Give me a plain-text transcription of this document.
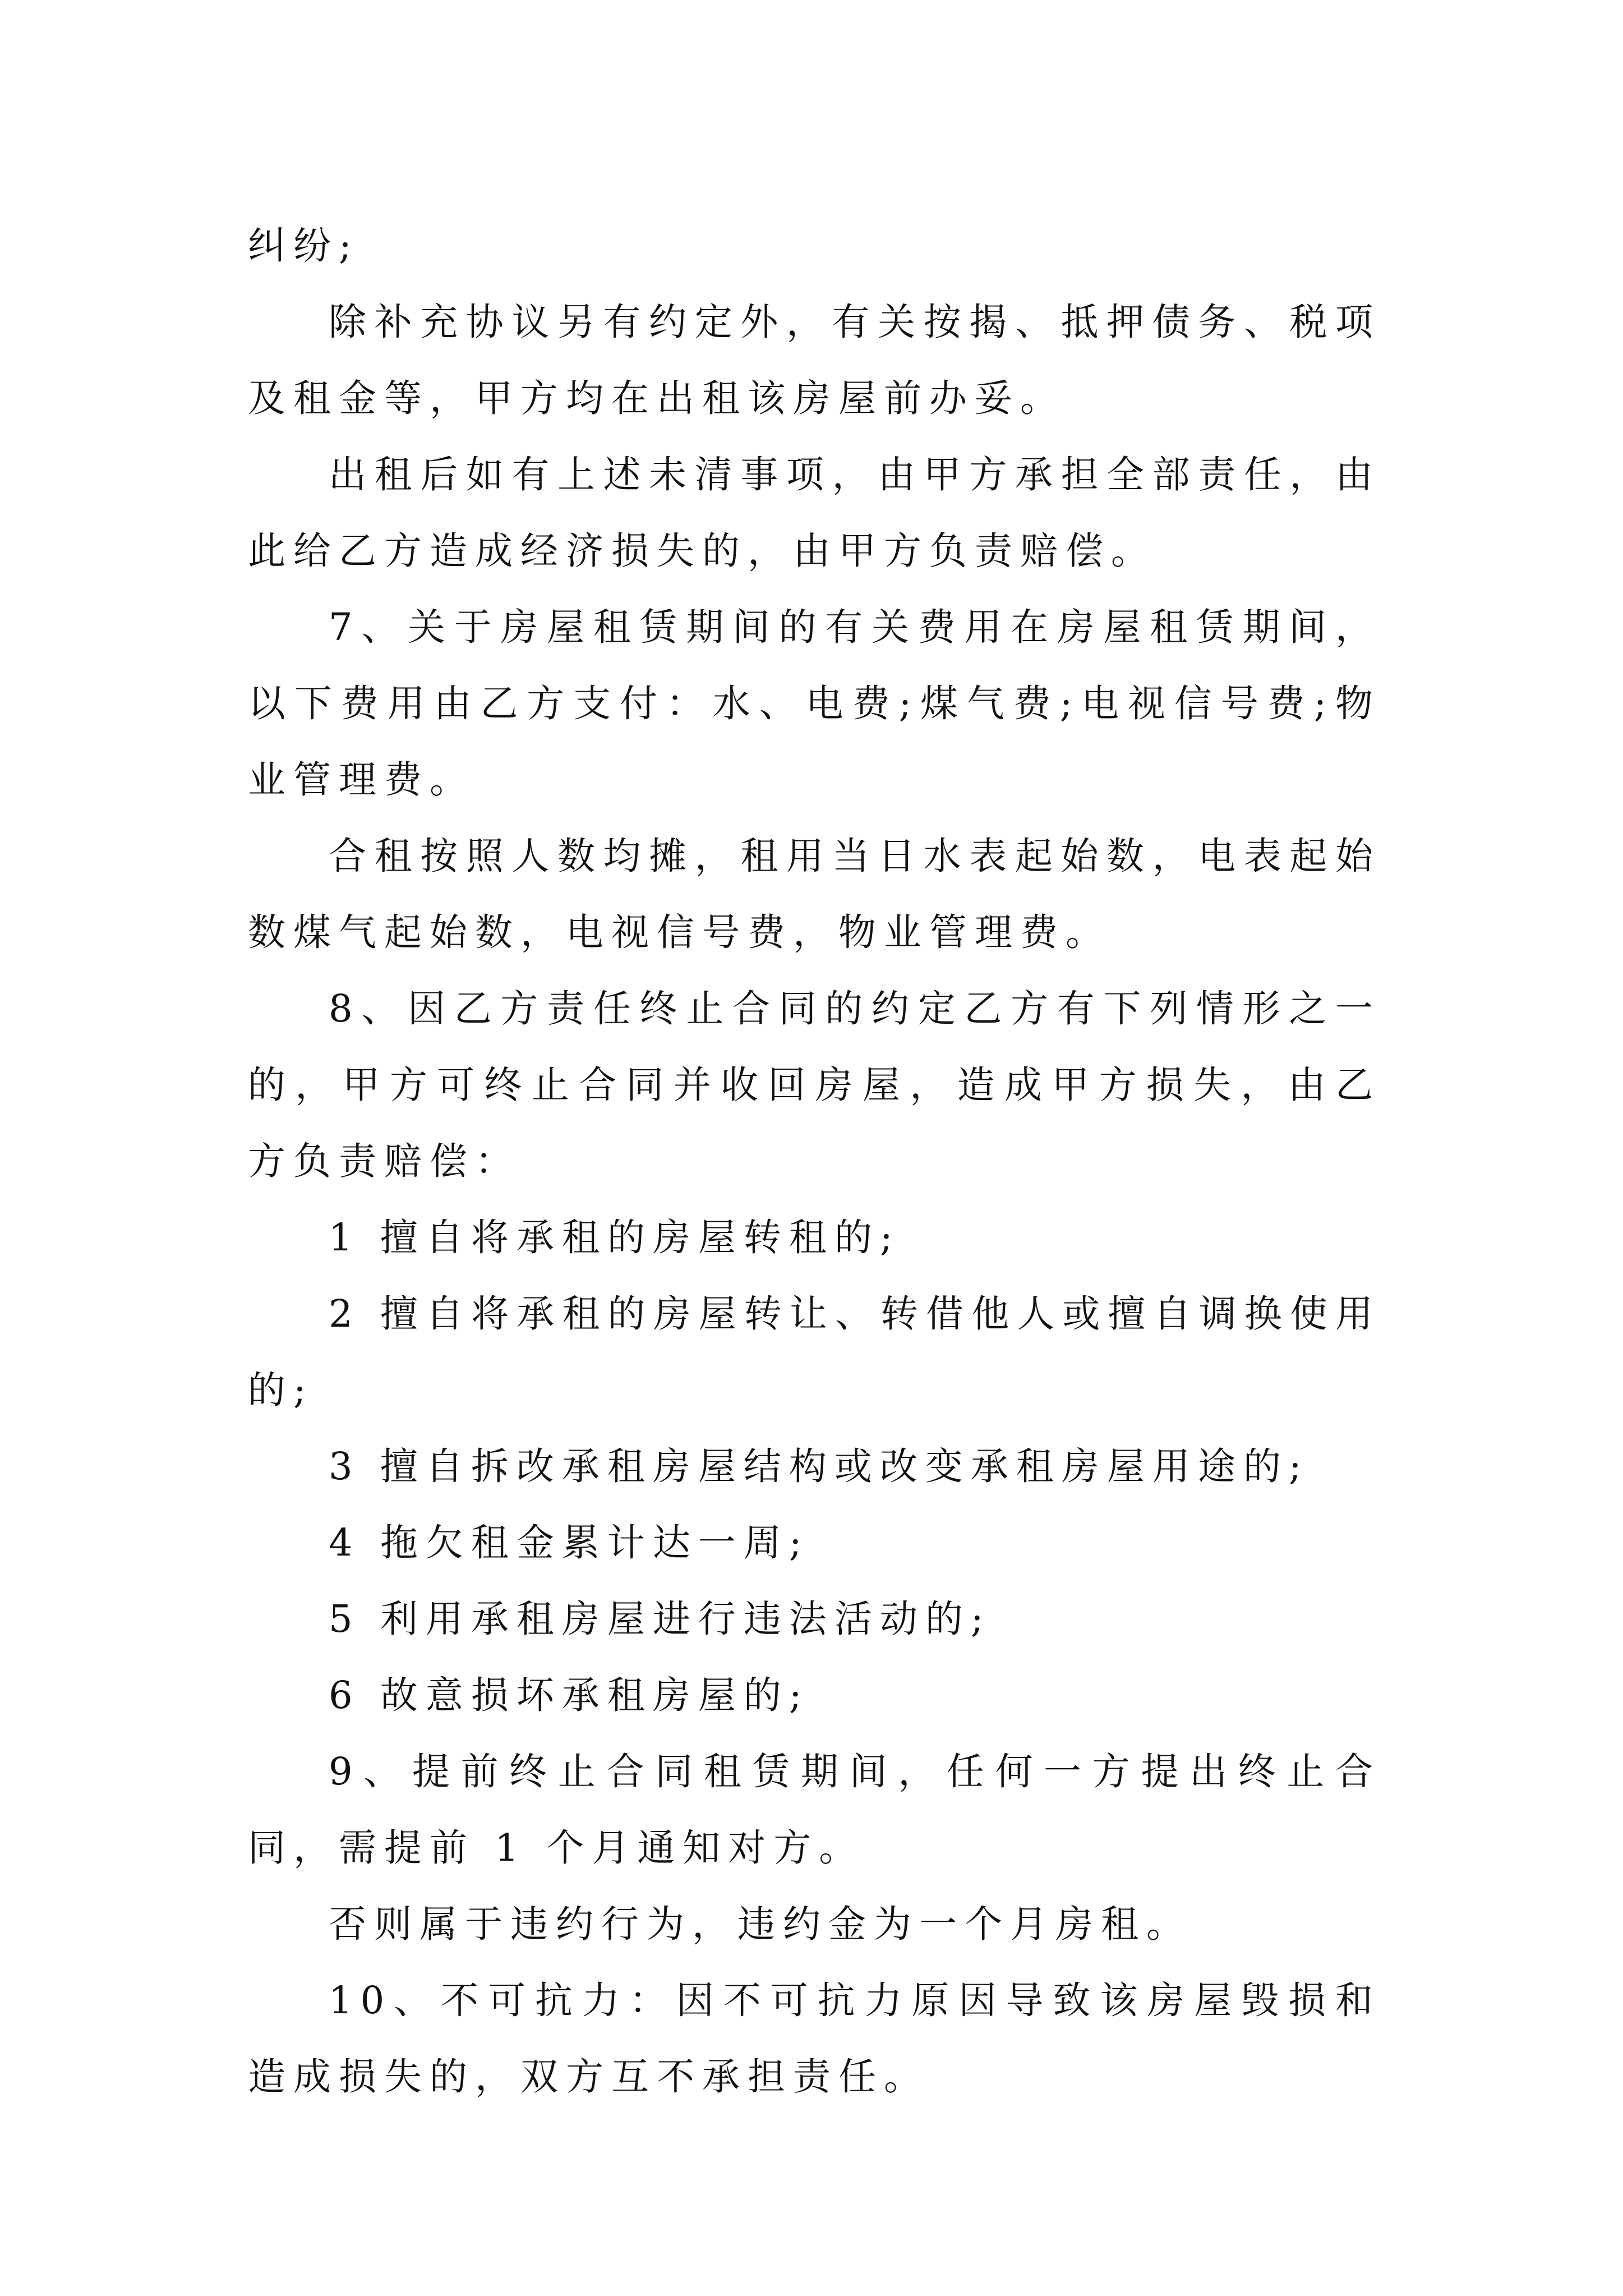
纠纷;

除补充协议另有约定外，有关按揭、抵押债务、税项及租金等，甲方均在出租该房屋前办妥。

出租后如有上述未清事项，由甲方承担全部责任，由此给乙方造成经济损失的，由甲方负责赔偿。

7、关于房屋租赁期间的有关费用在房屋租赁期间，以下费用由乙方支付：水、电费;煤气费;电视信号费;物业管理费。

合租按照人数均摊，租用当日水表起始数，电表起始数煤气起始数，电视信号费，物业管理费。

8、因乙方责任终止合同的约定乙方有下列情形之一的，甲方可终止合同并收回房屋，造成甲方损失，由乙方负责赔偿：

1 擅自将承租的房屋转租的;

2 擅自将承租的房屋转让、转借他人或擅自调换使用的;

3 擅自拆改承租房屋结构或改变承租房屋用途的;

4 拖欠租金累计达一周;

5 利用承租房屋进行违法活动的;

6 故意损坏承租房屋的;

9、提前终止合同租赁期间，任何一方提出终止合同，需提前 1 个月通知对方。

否则属于违约行为，违约金为一个月房租。

10、不可抗力：因不可抗力原因导致该房屋毁损和造成损失的，双方互不承担责任。
